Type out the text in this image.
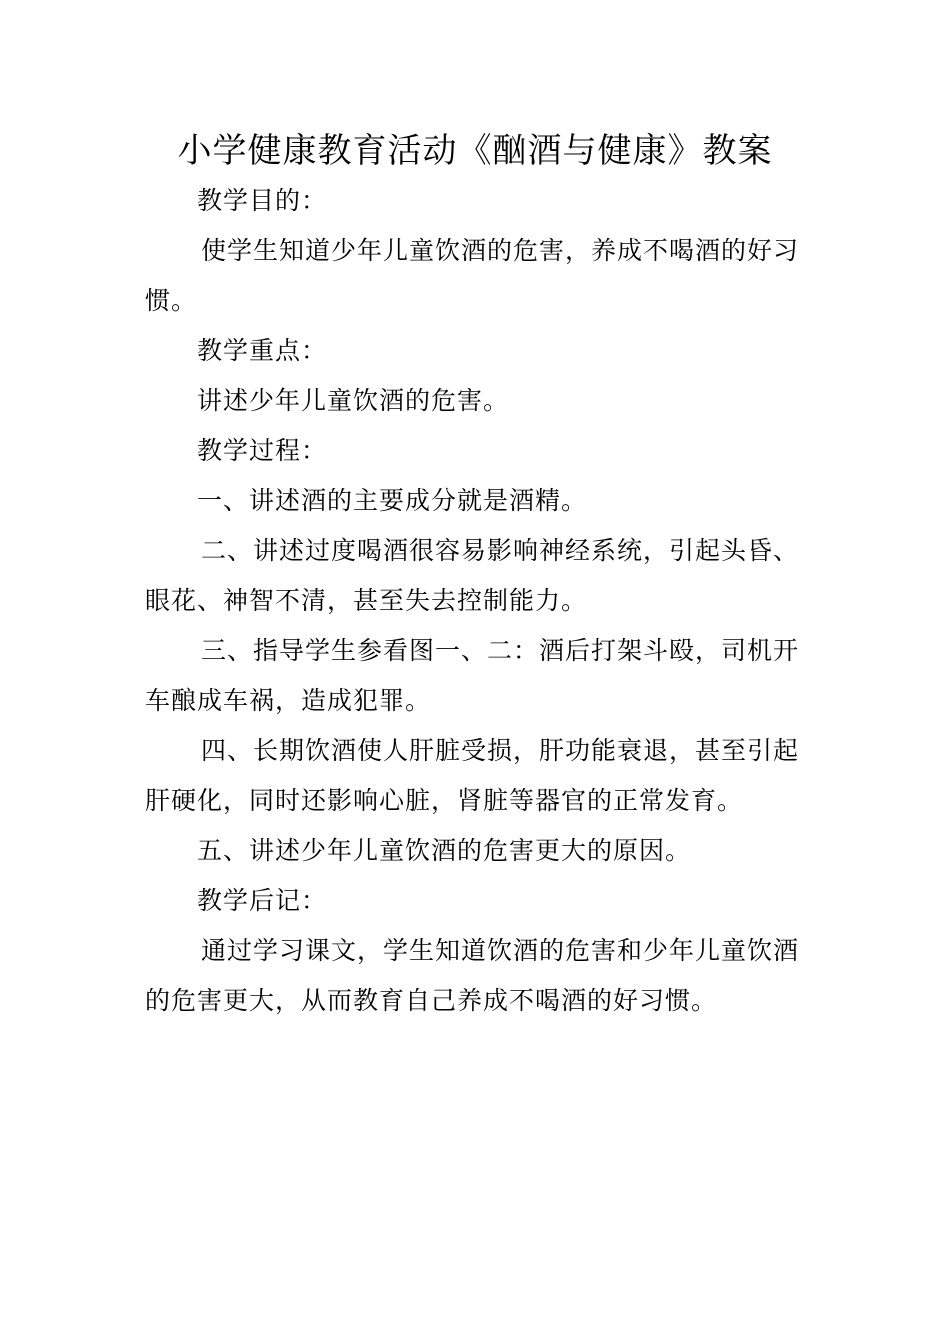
小学健康教育活动《酗酒与健康》教案

教学目的：

使学生知道少年儿童饮酒的危害，养成不喝酒的好习惯。

教学重点：

讲述少年儿童饮酒的危害。

教学过程：

一、讲述酒的主要成分就是酒精。

二、讲述过度喝酒很容易影响神经系统，引起头昏、眼花、神智不清，甚至失去控制能力。

三、指导学生参看图一、二：酒后打架斗殴，司机开车酿成车祸，造成犯罪。

四、长期饮酒使人肝脏受损，肝功能衰退，甚至引起肝硬化，同时还影响心脏，肾脏等器官的正常发育。

五、讲述少年儿童饮酒的危害更大的原因。

教学后记：

通过学习课文，学生知道饮酒的危害和少年儿童饮酒的危害更大，从而教育自己养成不喝酒的好习惯。
